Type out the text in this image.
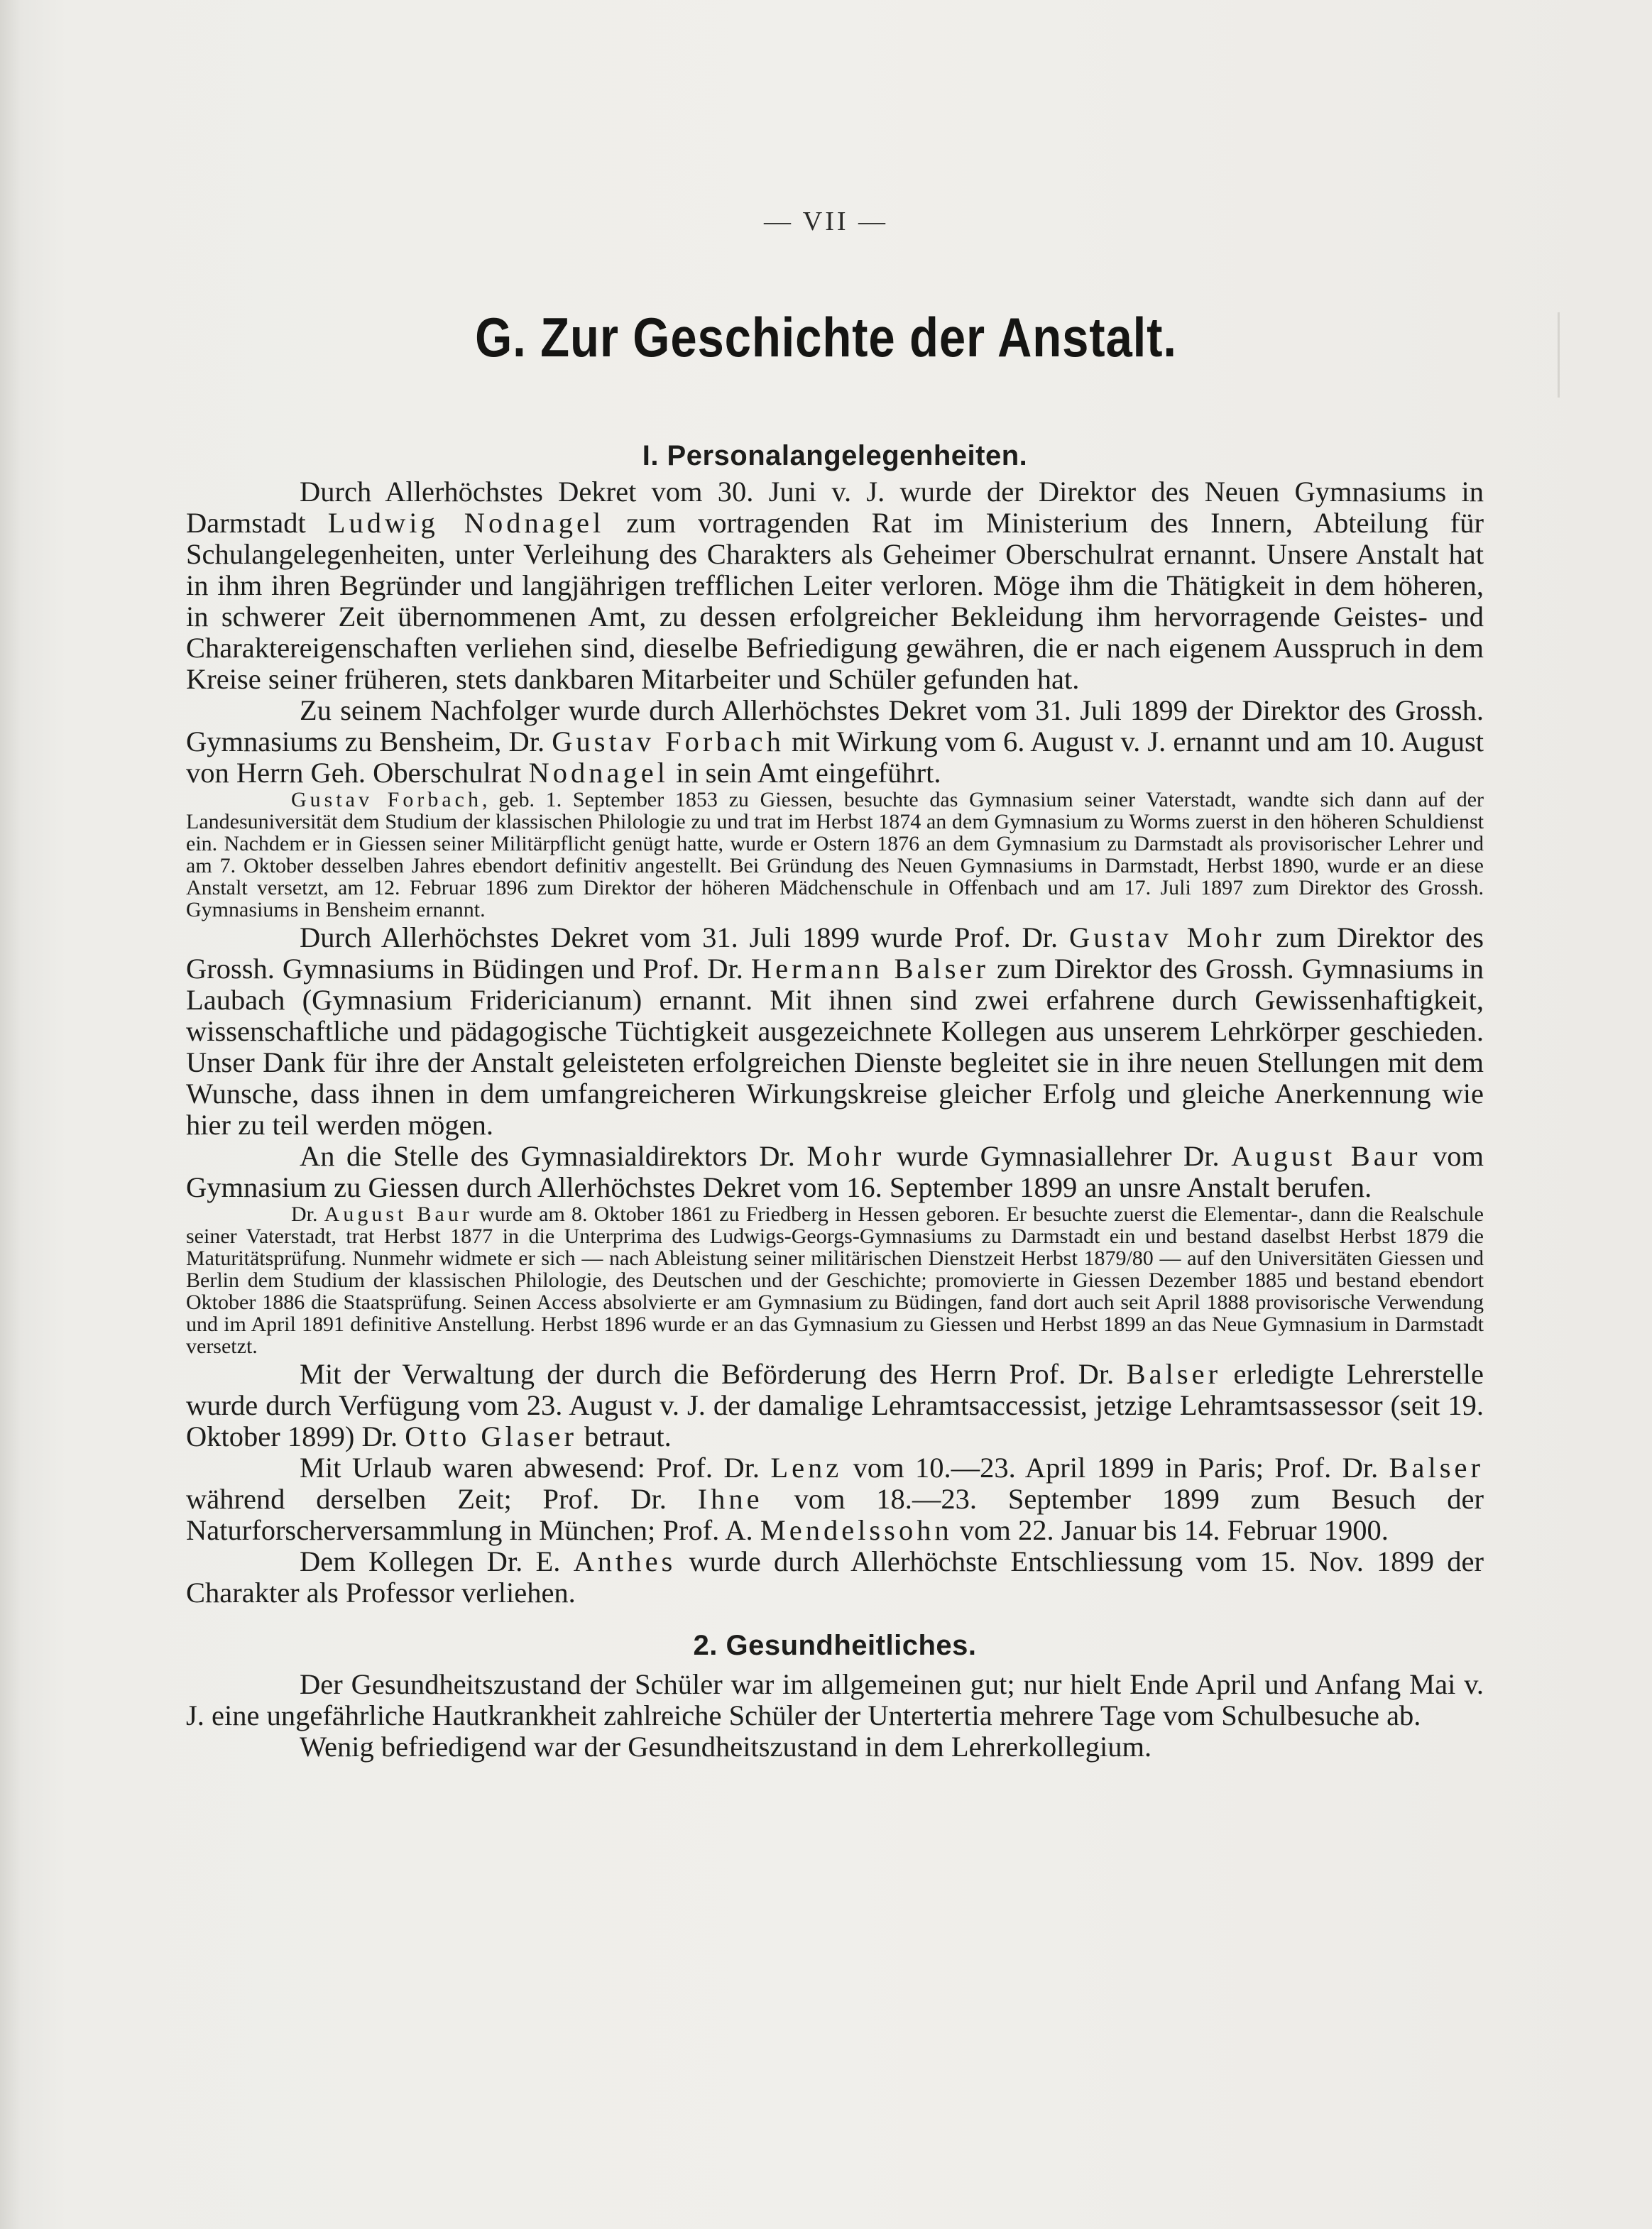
— VII —
G. Zur Geschichte der Anstalt.
I. Personalangelegenheiten.

Durch Allerhöchstes Dekret vom 30. Juni v. J. wurde der Direktor des Neuen Gymnasiums in Darmstadt Ludwig Nodnagel zum vortragenden Rat im Ministerium des Innern, Abteilung für Schulangelegenheiten, unter Verleihung des Charakters als Geheimer Oberschulrat ernannt. Unsere Anstalt hat in ihm ihren Begründer und langjährigen trefflichen Leiter verloren. Möge ihm die Thätigkeit in dem höheren, in schwerer Zeit übernommenen Amt, zu dessen erfolgreicher Bekleidung ihm hervorragende Geistes- und Charaktereigenschaften verliehen sind, dieselbe Befriedigung gewähren, die er nach eigenem Ausspruch in dem Kreise seiner früheren, stets dankbaren Mitarbeiter und Schüler gefunden hat.

Zu seinem Nachfolger wurde durch Allerhöchstes Dekret vom 31. Juli 1899 der Direktor des Grossh. Gymnasiums zu Bensheim, Dr. Gustav Forbach mit Wirkung vom 6. August v. J. ernannt und am 10. August von Herrn Geh. Oberschulrat Nodnagel in sein Amt eingeführt.

Gustav Forbach, geb. 1. September 1853 zu Giessen, besuchte das Gymnasium seiner Vaterstadt, wandte sich dann auf der Landesuniversität dem Studium der klassischen Philologie zu und trat im Herbst 1874 an dem Gymnasium zu Worms zuerst in den höheren Schuldienst ein. Nachdem er in Giessen seiner Militärpflicht genügt hatte, wurde er Ostern 1876 an dem Gymnasium zu Darmstadt als provisorischer Lehrer und am 7. Oktober desselben Jahres ebendort definitiv angestellt. Bei Gründung des Neuen Gymnasiums in Darmstadt, Herbst 1890, wurde er an diese Anstalt versetzt, am 12. Februar 1896 zum Direktor der höheren Mädchenschule in Offenbach und am 17. Juli 1897 zum Direktor des Grossh. Gymnasiums in Bensheim ernannt.

Durch Allerhöchstes Dekret vom 31. Juli 1899 wurde Prof. Dr. Gustav Mohr zum Direktor des Grossh. Gymnasiums in Büdingen und Prof. Dr. Hermann Balser zum Direktor des Grossh. Gymnasiums in Laubach (Gymnasium Fridericianum) ernannt. Mit ihnen sind zwei erfahrene durch Gewissenhaftigkeit, wissenschaftliche und pädagogische Tüchtigkeit ausgezeichnete Kollegen aus unserem Lehrkörper geschieden. Unser Dank für ihre der Anstalt geleisteten erfolgreichen Dienste begleitet sie in ihre neuen Stellungen mit dem Wunsche, dass ihnen in dem umfangreicheren Wirkungskreise gleicher Erfolg und gleiche Anerkennung wie hier zu teil werden mögen.

An die Stelle des Gymnasialdirektors Dr. Mohr wurde Gymnasiallehrer Dr. August Baur vom Gymnasium zu Giessen durch Allerhöchstes Dekret vom 16. September 1899 an unsre Anstalt berufen.

Dr. August Baur wurde am 8. Oktober 1861 zu Friedberg in Hessen geboren. Er besuchte zuerst die Elementar-, dann die Realschule seiner Vaterstadt, trat Herbst 1877 in die Unterprima des Ludwigs-Georgs-Gymnasiums zu Darmstadt ein und bestand daselbst Herbst 1879 die Maturitätsprüfung. Nunmehr widmete er sich — nach Ableistung seiner militärischen Dienstzeit Herbst 1879/80 — auf den Universitäten Giessen und Berlin dem Studium der klassischen Philologie, des Deutschen und der Geschichte; promovierte in Giessen Dezember 1885 und bestand ebendort Oktober 1886 die Staatsprüfung. Seinen Access absolvierte er am Gymnasium zu Büdingen, fand dort auch seit April 1888 provisorische Verwendung und im April 1891 definitive Anstellung. Herbst 1896 wurde er an das Gymnasium zu Giessen und Herbst 1899 an das Neue Gymnasium in Darmstadt versetzt.

Mit der Verwaltung der durch die Beförderung des Herrn Prof. Dr. Balser erledigte Lehrerstelle wurde durch Verfügung vom 23. August v. J. der damalige Lehramtsaccessist, jetzige Lehramtsassessor (seit 19. Oktober 1899) Dr. Otto Glaser betraut.

Mit Urlaub waren abwesend: Prof. Dr. Lenz vom 10.—23. April 1899 in Paris; Prof. Dr. Balser während derselben Zeit; Prof. Dr. Ihne vom 18.—23. September 1899 zum Besuch der Naturforscherversammlung in München; Prof. A. Mendelssohn vom 22. Januar bis 14. Februar 1900.

Dem Kollegen Dr. E. Anthes wurde durch Allerhöchste Entschliessung vom 15. Nov. 1899 der Charakter als Professor verliehen.

2. Gesundheitliches.

Der Gesundheitszustand der Schüler war im allgemeinen gut; nur hielt Ende April und Anfang Mai v. J. eine ungefährliche Hautkrankheit zahlreiche Schüler der Untertertia mehrere Tage vom Schulbesuche ab.

Wenig befriedigend war der Gesundheitszustand in dem Lehrerkollegium.
